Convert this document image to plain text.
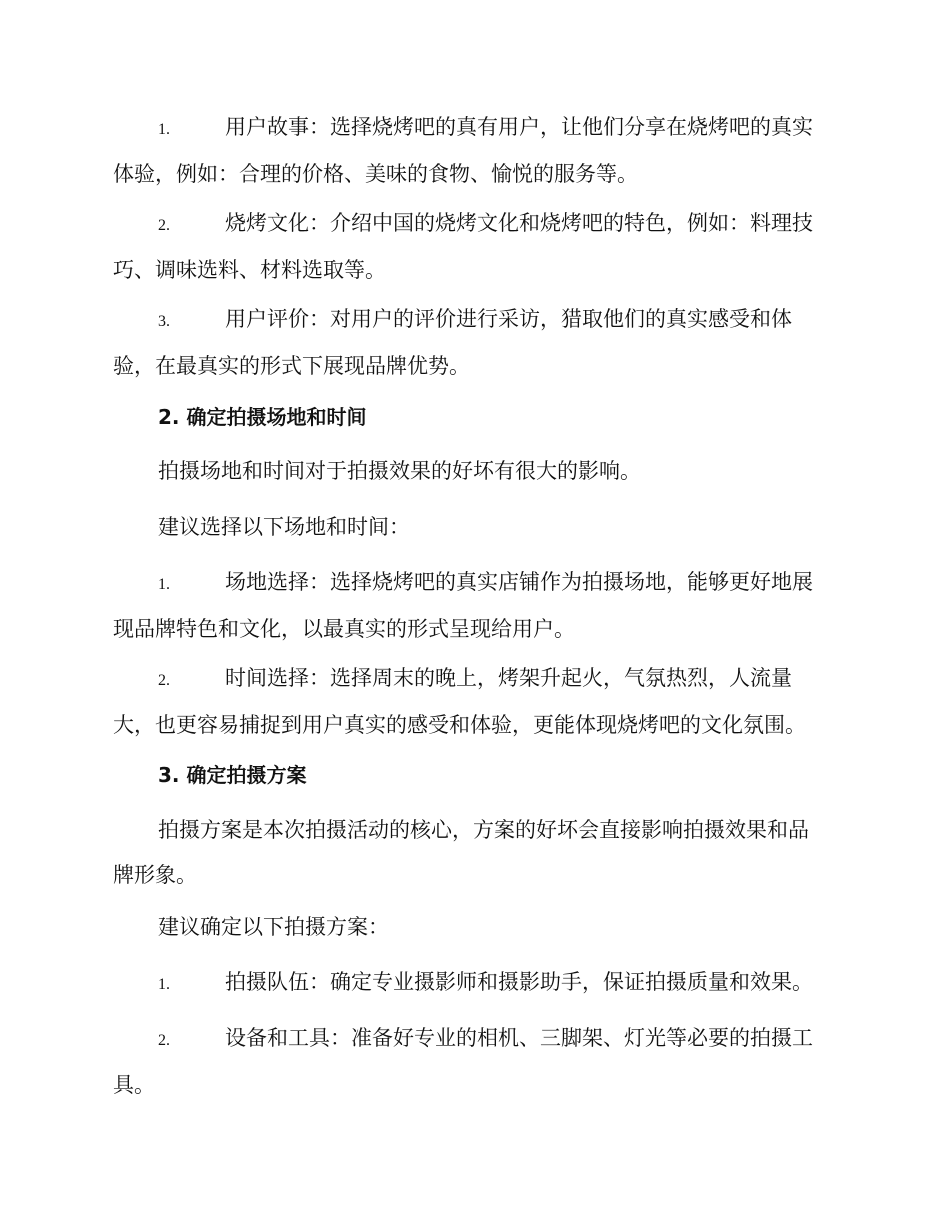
1.	用户故事：选择烧烤吧的真有用户，让他们分享在烧烤吧的真实
体验，例如：合理的价格、美味的食物、愉悦的服务等。
2.	烧烤文化：介绍中国的烧烤文化和烧烤吧的特色，例如：料理技
巧、调味选料、材料选取等。
3.	用户评价：对用户的评价进行采访，猎取他们的真实感受和体
验，在最真实的形式下展现品牌优势。
2. 确定拍摄场地和时间
拍摄场地和时间对于拍摄效果的好坏有很大的影响。
建议选择以下场地和时间：
1.	场地选择：选择烧烤吧的真实店铺作为拍摄场地，能够更好地展
现品牌特色和文化，以最真实的形式呈现给用户。
2.	时间选择：选择周末的晚上，烤架升起火，气氛热烈，人流量
大，也更容易捕捉到用户真实的感受和体验，更能体现烧烤吧的文化氛围。
3. 确定拍摄方案
拍摄方案是本次拍摄活动的核心，方案的好坏会直接影响拍摄效果和品
牌形象。
建议确定以下拍摄方案：
1.	拍摄队伍：确定专业摄影师和摄影助手，保证拍摄质量和效果。
2.	设备和工具：准备好专业的相机、三脚架、灯光等必要的拍摄工
具。
